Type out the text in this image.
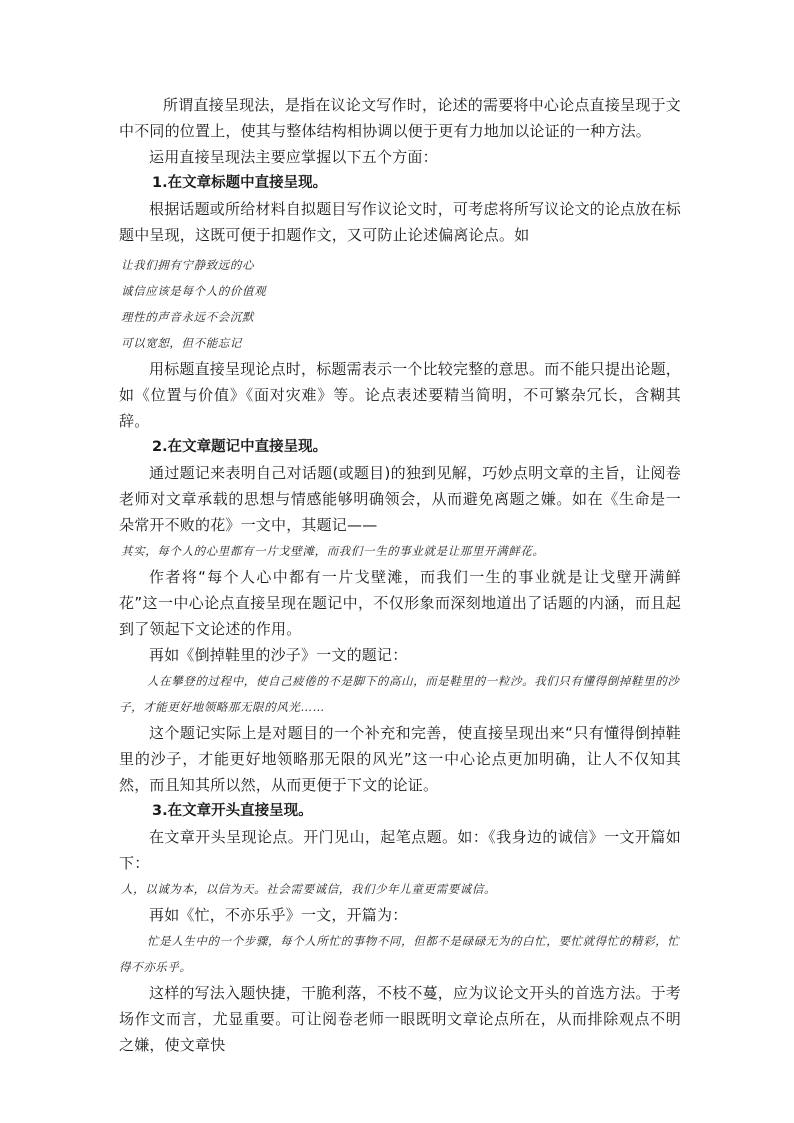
所谓直接呈现法，是指在议论文写作时，论述的需要将中心论点直接呈现于文中不同的位置上，使其与整体结构相协调以便于更有力地加以论证的一种方法。

运用直接呈现法主要应掌握以下五个方面：

1.在文章标题中直接呈现。

根据话题或所给材料自拟题目写作议论文时，可考虑将所写议论文的论点放在标题中呈现，这既可便于扣题作文，又可防止论述偏离论点。如

让我们拥有宁静致远的心

诚信应该是每个人的价值观

理性的声音永远不会沉默

可以宽恕，但不能忘记

用标题直接呈现论点时，标题需表示一个比较完整的意思。而不能只提出论题，如《位置与价值》《面对灾难》等。论点表述要精当简明，不可繁杂冗长，含糊其辞。

2.在文章题记中直接呈现。

通过题记来表明自己对话题(或题目)的独到见解，巧妙点明文章的主旨，让阅卷老师对文章承载的思想与情感能够明确领会，从而避免离题之嫌。如在《生命是一朵常开不败的花》一文中，其题记——

其实，每个人的心里都有一片戈壁滩，而我们一生的事业就是让那里开满鲜花。

作者将“每个人心中都有一片戈壁滩，而我们一生的事业就是让戈壁开满鲜花”这一中心论点直接呈现在题记中，不仅形象而深刻地道出了话题的内涵，而且起到了领起下文论述的作用。

再如《倒掉鞋里的沙子》一文的题记：

人在攀登的过程中，使自己疲倦的不是脚下的高山，而是鞋里的一粒沙。我们只有懂得倒掉鞋里的沙子，才能更好地领略那无限的风光……

这个题记实际上是对题目的一个补充和完善，使直接呈现出来“只有懂得倒掉鞋里的沙子，才能更好地领略那无限的风光”这一中心论点更加明确，让人不仅知其然，而且知其所以然，从而更便于下文的论证。

3.在文章开头直接呈现。

在文章开头呈现论点。开门见山，起笔点题。如：《我身边的诚信》一文开篇如下：

人，以诚为本，以信为天。社会需要诚信，我们少年儿童更需要诚信。

再如《忙，不亦乐乎》一文，开篇为：

忙是人生中的一个步骤，每个人所忙的事物不同，但都不是碌碌无为的白忙，要忙就得忙的精彩，忙得不亦乐乎。

这样的写法入题快捷，干脆利落，不枝不蔓，应为议论文开头的首选方法。于考场作文而言，尤显重要。可让阅卷老师一眼既明文章论点所在，从而排除观点不明之嫌，使文章快
